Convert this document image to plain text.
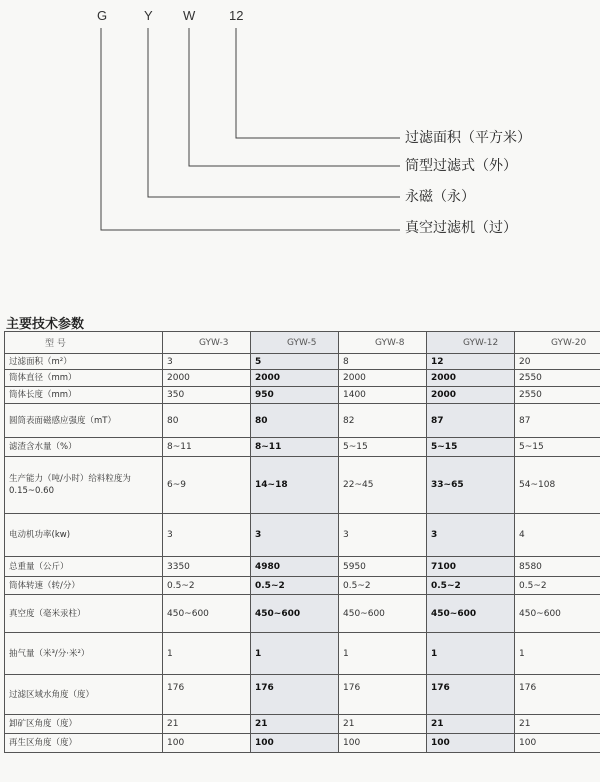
G	Y W	12
过滤面积（平方米）
筒型过滤式（外）
永磁（永）
真空过滤机（过）
主要技术参数
型 号	GYW-3	GYW-5	GYW-8	GYW-12	GYW-20
过滤面积（m²）	3	5	8	12	20
筒体直径（mm）	2000	2000	2000	2000	2550
筒体长度（mm）	350	950	1400	2000	2550
圆筒表面磁感应强度（mT）	80	80	82	87	87
滤渣含水量（%）	8~11	8~11	5~15	5~15	5~15
生产能力（吨/小时）给料粒度为0.15~0.60	6~9	14~18	22~45	33~65	54~108
电动机功率(kw)	3	3	3	3	4
总重量（公斤）	3350	4980	5950	7100	8580
筒体转速（转/分）	0.5~2	0.5~2	0.5~2	0.5~2	0.5~2
真空度（毫米汞柱）	450~600	450~600	450~600	450~600	450~600
抽气量（米³/分·米²）	1	1	1	1	1
过滤区域水角度（度）	176	176	176	176	176
卸矿区角度（度）	21	21	21	21	21
再生区角度（度）	100	100	100	100	100
